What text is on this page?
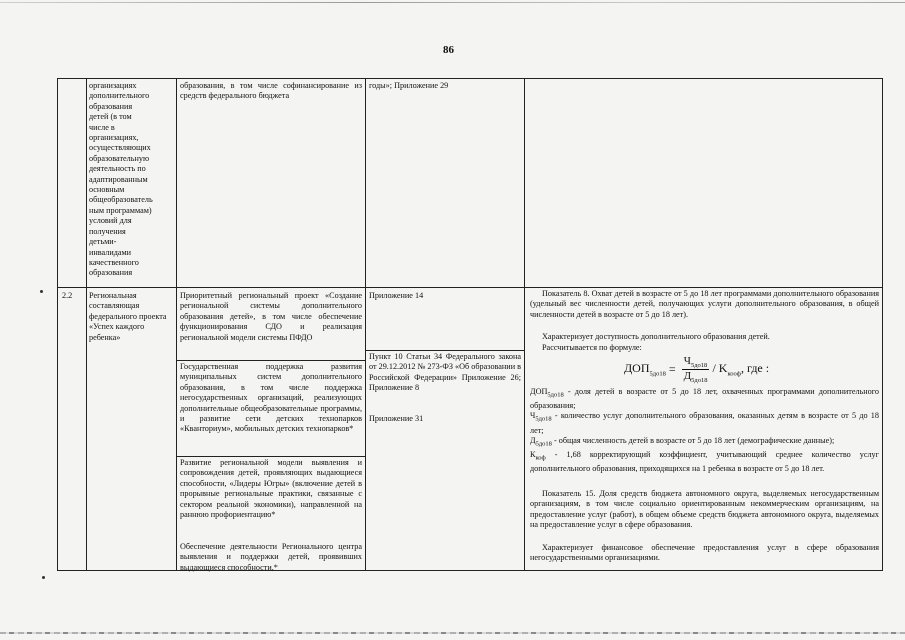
86
организациях
дополнительного
образования
детей (в том
числе в
организациях,
осуществляющих
образовательную
деятельность по
адаптированным
основным
общеобразователь
ным программам)
условий для
получения
детьми-
инвалидами
качественного
образования
образования, в том числе софинансирование из средств федерального бюджета
годы»; Приложение 29
2.2	Региональная составляющая федерального проекта «Успех каждого ребенка»
Приоритетный региональный проект «Создание региональной системы дополнительного образования детей», в том числе обеспечение функционирования СДО и реализация региональной модели системы ПФДО
Государственная поддержка развития муниципальных систем дополнительного образования, в том числе поддержка негосударственных организаций, реализующих дополнительные общеобразовательные программы, и развитие сети детских технопарков «Кванториум», мобильных детских технопарков*
Развитие региональной модели выявления и сопровождения детей, проявляющих выдающиеся способности, «Лидеры Югры» (включение детей в прорывные региональные практики, связанные с сектором реальной экономики), направленной на раннюю профориентацию*
Обеспечение деятельности Регионального центра выявления и поддержки детей, проявивших выдающиеся способности,*
Приложение 14
Пункт 10 Статьи 34 Федерального закона от 29.12.2012 № 273-ФЗ «Об образовании в Российской Федерации» Приложение 26; Приложение 8
Приложение 31
Показатель 8. Охват детей в возрасте от 5 до 18 лет программами дополнительного образования (удельный вес численности детей, получающих услуги дополнительного образования, в общей численности детей в возрасте от 5 до 18 лет).
Характеризует доступность дополнительного образования детей.
Рассчитывается по формуле:
$ДОП_{5до18} = \frac{Ч_{5до18}}{Д_{5до18}} / K_{кооф}$, где :

$ДОП_{5до18}$ - доля детей в возрасте от 5 до 18 лет, охваченных программами дополнительного образования;

$Ч_{5до18}$ - количество услуг дополнительного образования, оказанных детям в возрасте от 5 до 18 лет;

$Д_{5до18}$ - общая численность детей в возрасте от 5 до 18 лет (демографические данные);

$К_{коф} - 1,68$ корректирующий коэффициент, учитывающий среднее количество услуг дополнительного образования, приходящихся на 1 ребенка в возрасте от 5 до 18 лет.

Показатель 15. Доля средств бюджета автономного округа, выделяемых негосударственным организациям, в том числе социально ориентированным некоммерческим организациям, на предоставление услуг (работ), в общем объеме средств бюджета автономного округа, выделяемых на предоставление услуг в сфере образования.
Характеризует финансовое обеспечение предоставления услуг в сфере образования негосударственными организациями.
